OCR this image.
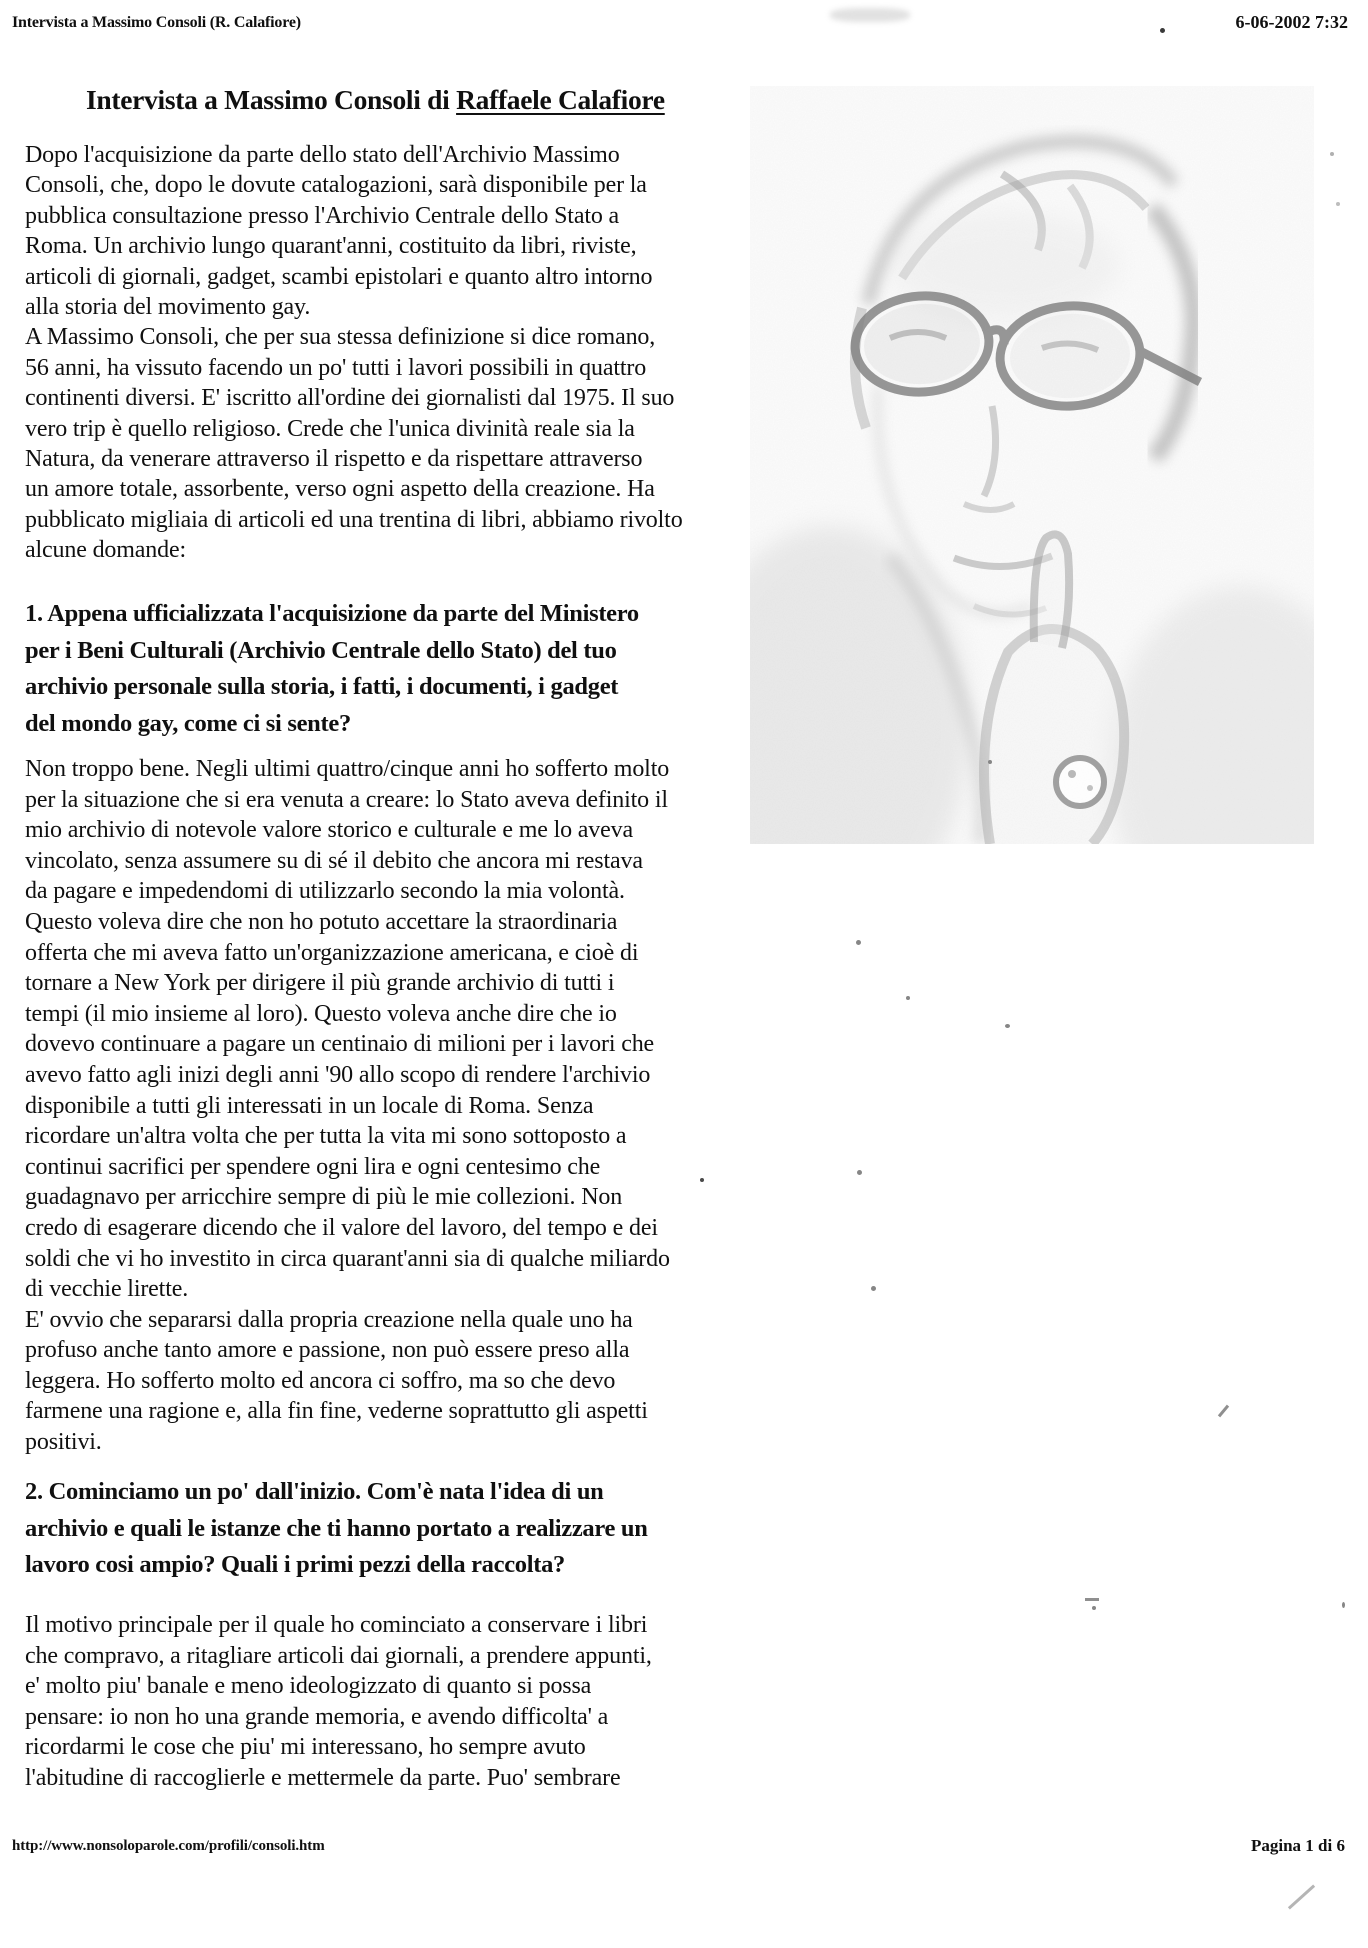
Intervista a Massimo Consoli (R. Calafiore)	6-06-2002 7:32
Intervista a Massimo Consoli di Raffaele Calafiore
Dopo l'acquisizione da parte dello stato dell'Archivio Massimo
Consoli, che, dopo le dovute catalogazioni, sarà disponibile per la
pubblica consultazione presso l'Archivio Centrale dello Stato a
Roma. Un archivio lungo quarant'anni, costituito da libri, riviste,
articoli di giornali, gadget, scambi epistolari e quanto altro intorno
alla storia del movimento gay.
A Massimo Consoli, che per sua stessa definizione si dice romano,
56 anni, ha vissuto facendo un po' tutti i lavori possibili in quattro
continenti diversi. E' iscritto all'ordine dei giornalisti dal 1975. Il suo
vero trip è quello religioso. Crede che l'unica divinità reale sia la
Natura, da venerare attraverso il rispetto e da rispettare attraverso
un amore totale, assorbente, verso ogni aspetto della creazione. Ha
pubblicato migliaia di articoli ed una trentina di libri, abbiamo rivolto
alcune domande:
1. Appena ufficializzata l'acquisizione da parte del Ministero
per i Beni Culturali (Archivio Centrale dello Stato) del tuo
archivio personale sulla storia, i fatti, i documenti, i gadget
del mondo gay, come ci si sente?
Non troppo bene. Negli ultimi quattro/cinque anni ho sofferto molto
per la situazione che si era venuta a creare: lo Stato aveva definito il
mio archivio di notevole valore storico e culturale e me lo aveva
vincolato, senza assumere su di sé il debito che ancora mi restava
da pagare e impedendomi di utilizzarlo secondo la mia volontà.
Questo voleva dire che non ho potuto accettare la straordinaria
offerta che mi aveva fatto un'organizzazione americana, e cioè di
tornare a New York per dirigere il più grande archivio di tutti i
tempi (il mio insieme al loro). Questo voleva anche dire che io
dovevo continuare a pagare un centinaio di milioni per i lavori che
avevo fatto agli inizi degli anni '90 allo scopo di rendere l'archivio
disponibile a tutti gli interessati in un locale di Roma. Senza
ricordare un'altra volta che per tutta la vita mi sono sottoposto a
continui sacrifici per spendere ogni lira e ogni centesimo che
guadagnavo per arricchire sempre di più le mie collezioni. Non
credo di esagerare dicendo che il valore del lavoro, del tempo e dei
soldi che vi ho investito in circa quarant'anni sia di qualche miliardo
di vecchie lirette.
E' ovvio che separarsi dalla propria creazione nella quale uno ha
profuso anche tanto amore e passione, non può essere preso alla
leggera. Ho sofferto molto ed ancora ci soffro, ma so che devo
farmene una ragione e, alla fin fine, vederne soprattutto gli aspetti
positivi.
2. Cominciamo un po' dall'inizio. Com'è nata l'idea di un
archivio e quali le istanze che ti hanno portato a realizzare un
lavoro cosi ampio? Quali i primi pezzi della raccolta?
Il motivo principale per il quale ho cominciato a conservare i libri
che compravo, a ritagliare articoli dai giornali, a prendere appunti,
e' molto piu' banale e meno ideologizzato di quanto si possa
pensare: io non ho una grande memoria, e avendo difficolta' a
ricordarmi le cose che piu' mi interessano, ho sempre avuto
l'abitudine di raccoglierle e mettermele da parte. Puo' sembrare
http://www.nonsoloparole.com/profili/consoli.htm	Pagina 1 di 6
